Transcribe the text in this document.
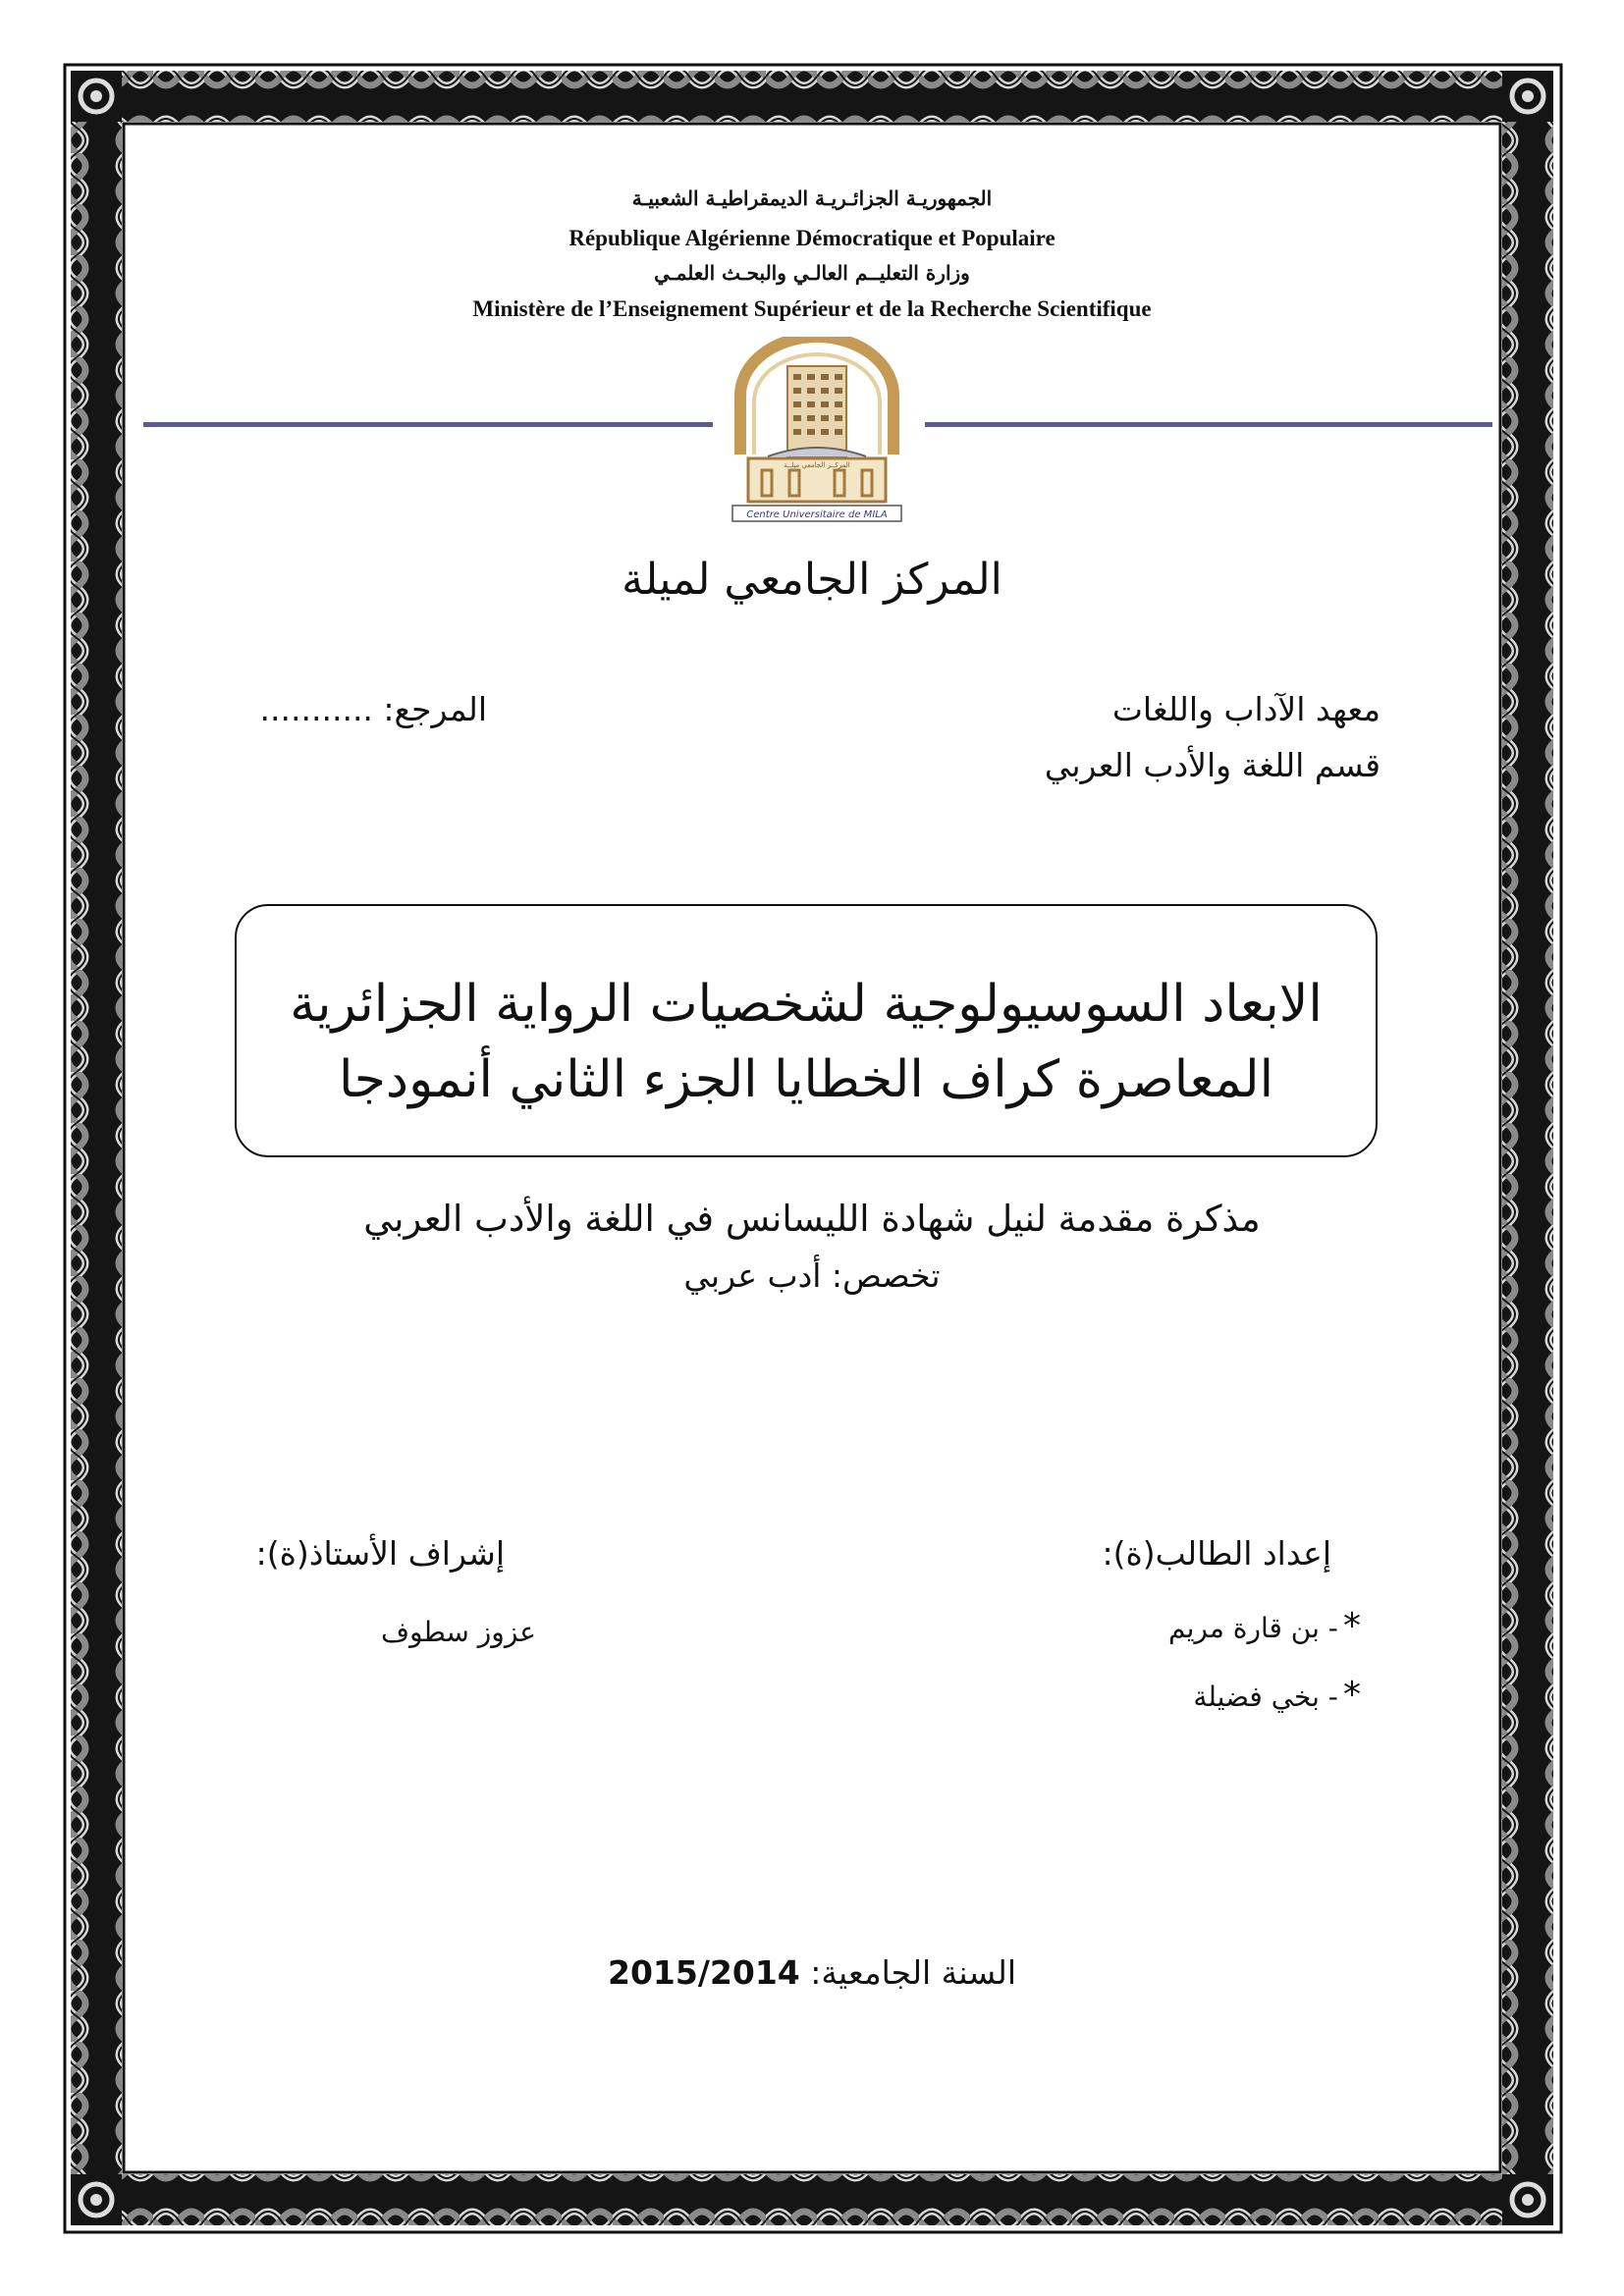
الجمهوريـة الجزائـريـة الديمقراطيـة الشعبيـة
République Algérienne Démocratique et Populaire
وزارة التعليــم العالـي والبحـث العلمـي
Ministère de l’Enseignement Supérieur et de la Recherche Scientifique
المركــز الجامعي ميلــة
Centre Universitaire de MILA
المركز الجامعي لميلة
معهد الآداب واللغات
قسم اللغة والأدب العربي
المرجع: ...........
الابعاد السوسيولوجية لشخصيات الرواية الجزائرية
المعاصرة كراف الخطايا الجزء الثاني أنمودجا
مذكرة مقدمة لنيل شهادة الليسانس في اللغة والأدب العربي
تخصص: أدب عربي
إعداد الطالب(ة):
* - بن قارة مريم
* - بخي فضيلة
إشراف الأستاذ(ة):
عزوز سطوف
السنة الجامعية: 2015/2014
